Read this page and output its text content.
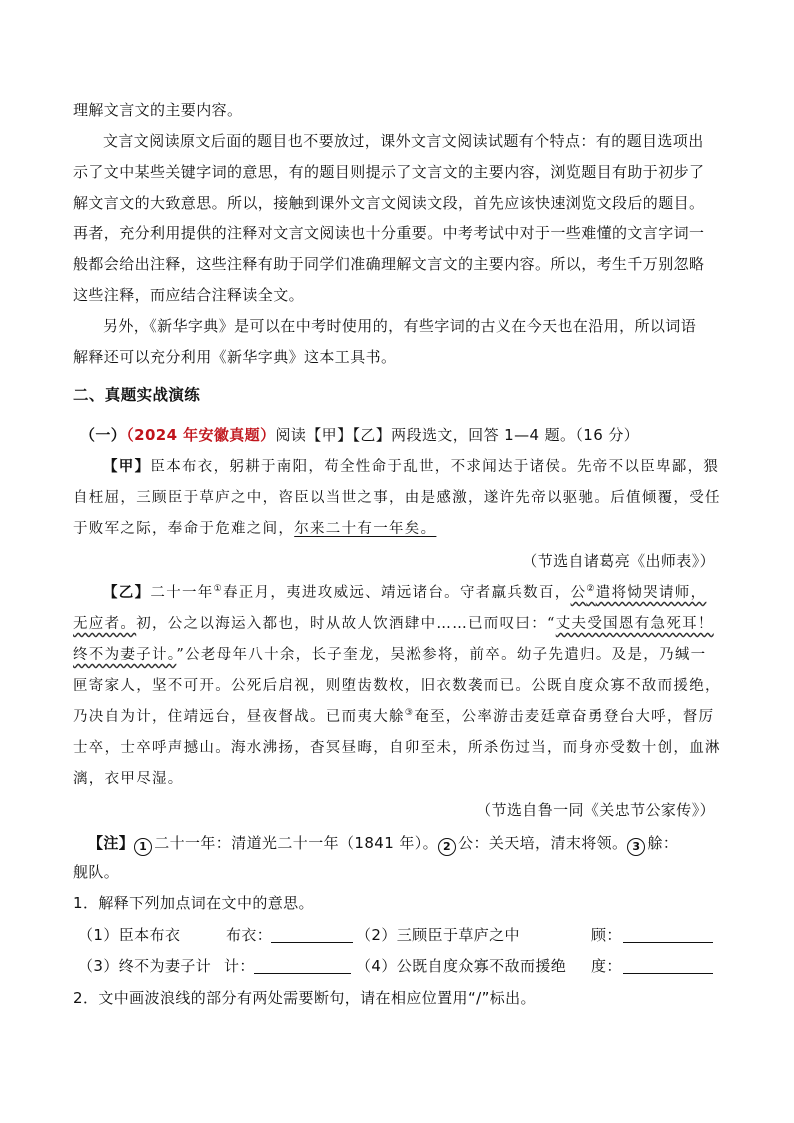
理解文言文的主要内容。
文言文阅读原文后面的题目也不要放过，课外文言文阅读试题有个特点：有的题目选项出
示了文中某些关键字词的意思，有的题目则提示了文言文的主要内容，浏览题目有助于初步了
解文言文的大致意思。所以，接触到课外文言文阅读文段，首先应该快速浏览文段后的题目。
再者，充分利用提供的注释对文言文阅读也十分重要。中考考试中对于一些难懂的文言字词一
般都会给出注释，这些注释有助于同学们准确理解文言文的主要内容。所以，考生千万别忽略
这些注释，而应结合注释读全文。
另外，《新华字典》是可以在中考时使用的，有些字词的古义在今天也在沿用，所以词语
解释还可以充分利用《新华字典》这本工具书。
二、真题实战演练
（一）（2024 年安徽真题）阅读【甲】【乙】两段选文，回答 1—4 题。（16 分）
【甲】臣本布衣，躬耕于南阳，苟全性命于乱世，不求闻达于诸侯。先帝不以臣卑鄙，猥
自枉屈，三顾臣于草庐之中，咨臣以当世之事，由是感激，遂许先帝以驱驰。后值倾覆，受任
于败军之际，奉命于危难之间，尔来二十有一年矣。
（节选自诸葛亮《出师表》）
【乙】二十一年①春正月，夷进攻威远、靖远诸台。守者羸兵数百，公②遣将恸哭请师，
无应者。初，公之以海运入都也，时从故人饮酒肆中……已而叹曰：“丈夫受国恩有急死耳！
终不为妻子计。”公老母年八十余，长子奎龙，吴淞参将，前卒。幼子先遣归。及是，乃缄一
匣寄家人，坚不可开。公死后启视，则堕齿数枚，旧衣数袭而已。公既自度众寡不敌而援绝，
乃决自为计，住靖远台，昼夜督战。已而夷大艅③奄至，公率游击麦廷章奋勇登台大呼，督厉
士卒，士卒呼声撼山。海水沸扬，杳冥昼晦，自卯至未，所杀伤过当，而身亦受数十创，血淋
漓，衣甲尽湿。
（节选自鲁一同《关忠节公家传》）
【注】 1 二十一年：清道光二十一年（1841 年）。 2 公：关天培，清末将领。 3 艅：
舰队。
1．解释下列加点词在文中的意思。
（1）臣本布衣	布衣：	（2）三顾臣于草庐之中	顾：
（3）终不为妻子计 计：	（4）公既自度众寡不敌而援绝 度：
2．文中画波浪线的部分有两处需要断句，请在相应位置用“/”标出。
